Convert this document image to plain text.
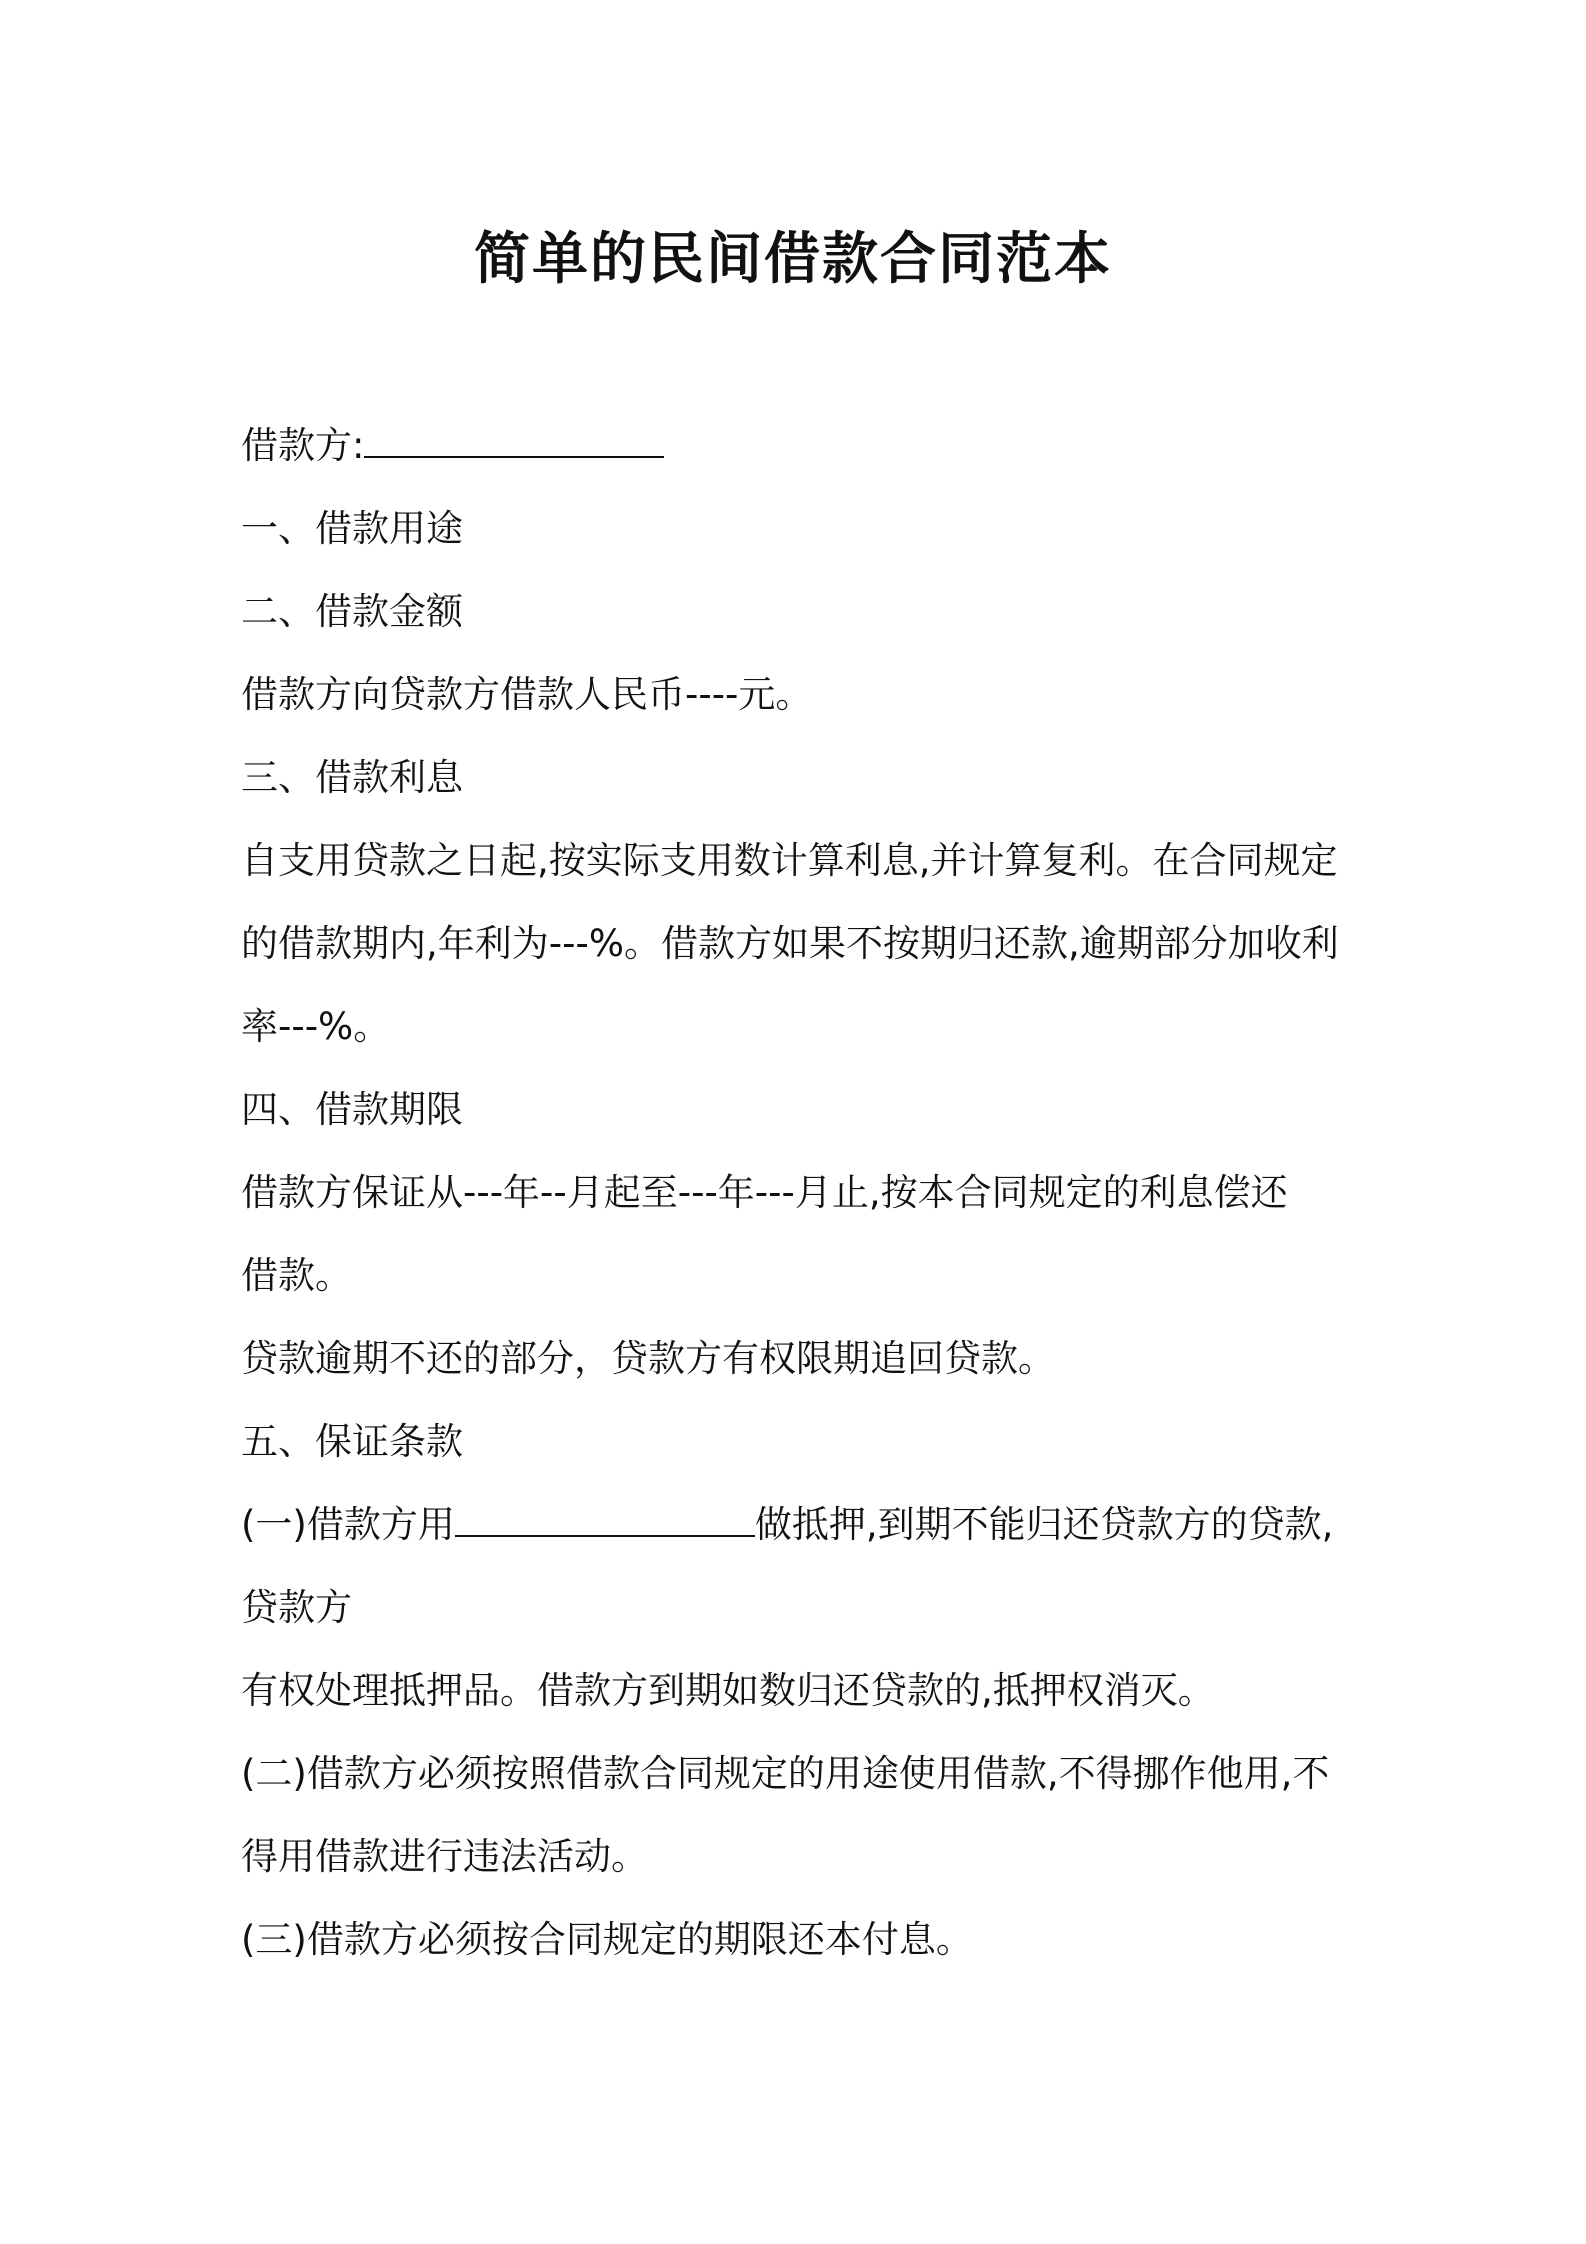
简单的民间借款合同范本
借款方:
一、借款用途
二、借款金额
借款方向贷款方借款人民币----元。
三、借款利息
自支用贷款之日起,按实际支用数计算利息,并计算复利。在合同规定
的借款期内,年利为---%。借款方如果不按期归还款,逾期部分加收利
率---%。
四、借款期限
借款方保证从---年--月起至---年---月止,按本合同规定的利息偿还
借款。
贷款逾期不还的部分，贷款方有权限期追回贷款。
五、保证条款
(一)借款方用	做抵押,到期不能归还贷款方的贷款,
贷款方
有权处理抵押品。借款方到期如数归还贷款的,抵押权消灭。
(二)借款方必须按照借款合同规定的用途使用借款,不得挪作他用,不
得用借款进行违法活动。
(三)借款方必须按合同规定的期限还本付息。
